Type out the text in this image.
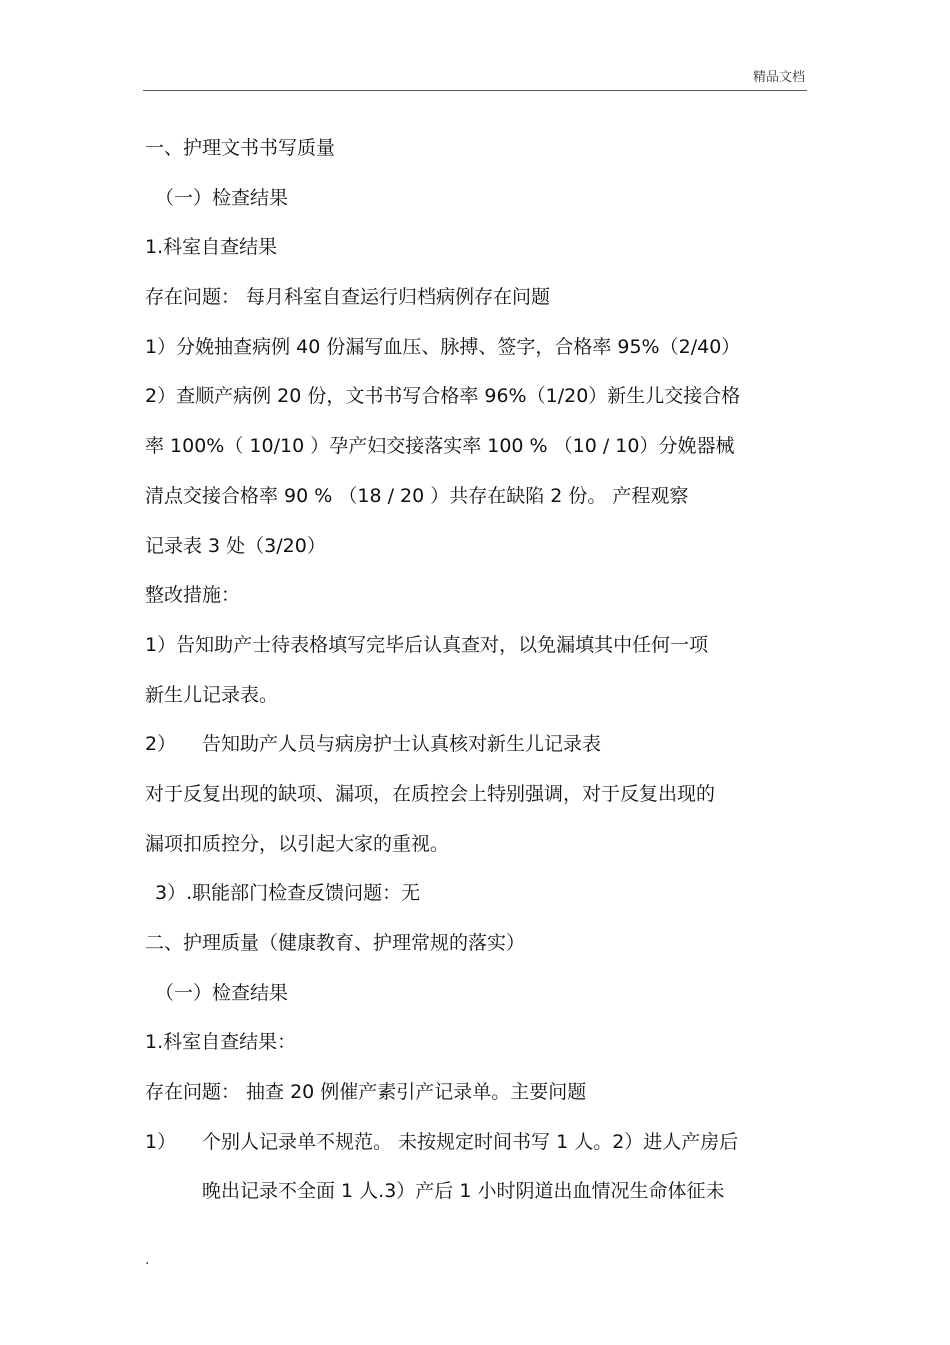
精品文档
一、护理文书书写质量
（一）检查结果
1.科室自查结果
存在问题： 每月科室自查运行归档病例存在问题
1）分娩抽查病例 40 份漏写血压、脉搏、签字，合格率 95%（2/40）
2）查顺产病例 20 份，文书书写合格率 96%（1/20）新生儿交接合格
率 100%（ 10/10 ）孕产妇交接落实率 100 % （10 / 10）分娩器械
清点交接合格率 90 % （18 / 20 ）共存在缺陷 2 份。 产程观察
记录表 3 处（3/20）
整改措施：
1）告知助产士待表格填写完毕后认真查对，以免漏填其中任何一项
新生儿记录表。
2） 告知助产人员与病房护士认真核对新生儿记录表
对于反复出现的缺项、漏项，在质控会上特别强调，对于反复出现的
漏项扣质控分，以引起大家的重视。
3）.职能部门检查反馈问题：无
二、护理质量（健康教育、护理常规的落实）
（一）检查结果
1.科室自查结果：
存在问题： 抽查 20 例催产素引产记录单。主要问题
1） 个别人记录单不规范。 未按规定时间书写 1 人。2）进人产房后
晚出记录不全面 1 人.3）产后 1 小时阴道出血情况生命体征未
.
